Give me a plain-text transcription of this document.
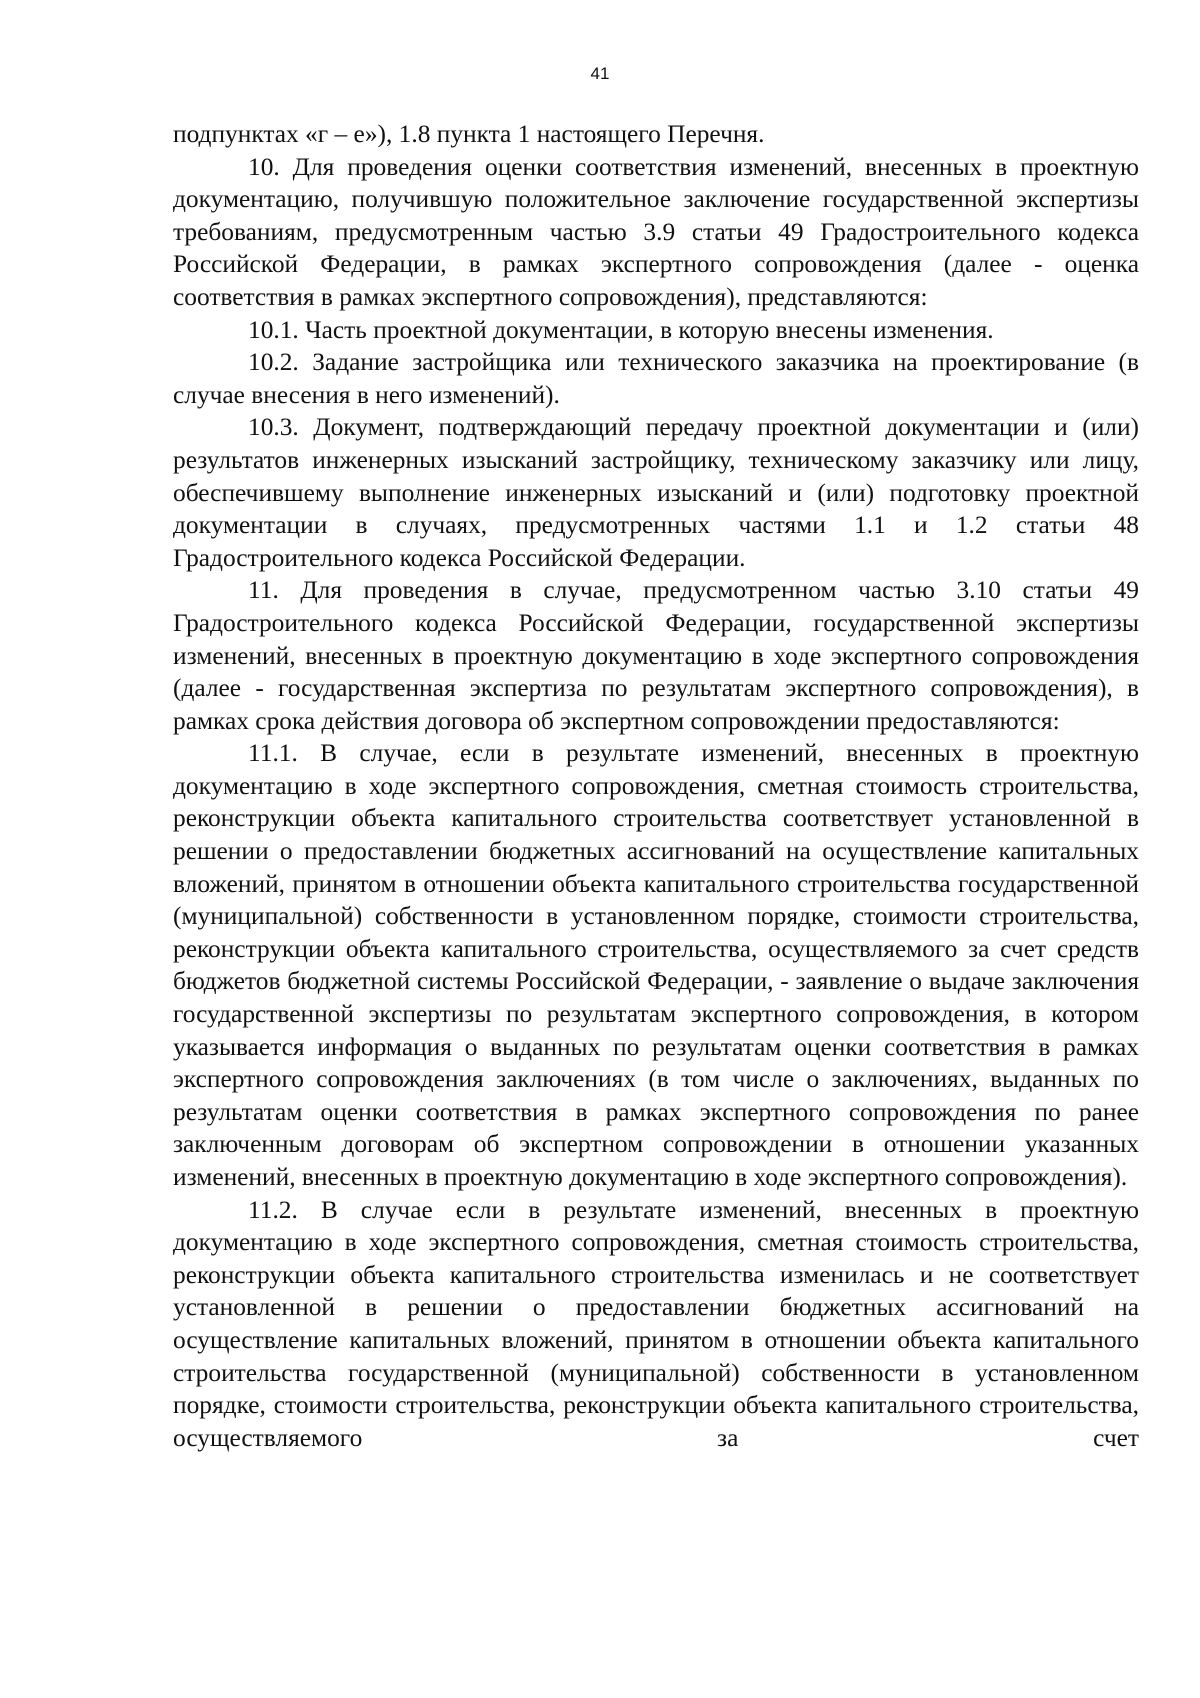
41

подпунктах «г – е»), 1.8 пункта 1 настоящего Перечня.

10. Для проведения оценки соответствия изменений, внесенных в проектную документацию, получившую положительное заключение государственной экспертизы требованиям, предусмотренным частью 3.9 статьи 49 Градостроительного кодекса Российской Федерации, в рамках экспертного сопровождения (далее - оценка соответствия в рамках экспертного сопровождения), представляются:

10.1. Часть проектной документации, в которую внесены изменения.

10.2. Задание застройщика или технического заказчика на проектирование (в случае внесения в него изменений).

10.3. Документ, подтверждающий передачу проектной документации и (или) результатов инженерных изысканий застройщику, техническому заказчику или лицу, обеспечившему выполнение инженерных изысканий и (или) подготовку проектной документации в случаях, предусмотренных частями 1.1 и 1.2 статьи 48 Градостроительного кодекса Российской Федерации.

11. Для проведения в случае, предусмотренном частью 3.10 статьи 49 Градостроительного кодекса Российской Федерации, государственной экспертизы изменений, внесенных в проектную документацию в ходе экспертного сопровождения (далее - государственная экспертиза по результатам экспертного сопровождения), в рамках срока действия договора об экспертном сопровождении предоставляются:

11.1. В случае, если в результате изменений, внесенных в проектную документацию в ходе экспертного сопровождения, сметная стоимость строительства, реконструкции объекта капитального строительства соответствует установленной в решении о предоставлении бюджетных ассигнований на осуществление капитальных вложений, принятом в отношении объекта капитального строительства государственной (муниципальной) собственности в установленном порядке, стоимости строительства, реконструкции объекта капитального строительства, осуществляемого за счет средств бюджетов бюджетной системы Российской Федерации, - заявление о выдаче заключения государственной экспертизы по результатам экспертного сопровождения, в котором указывается информация о выданных по результатам оценки соответствия в рамках экспертного сопровождения заключениях (в том числе о заключениях, выданных по результатам оценки соответствия в рамках экспертного сопровождения по ранее заключенным договорам об экспертном сопровождении в отношении указанных изменений, внесенных в проектную документацию в ходе экспертного сопровождения).

11.2. В случае если в результате изменений, внесенных в проектную документацию в ходе экспертного сопровождения, сметная стоимость строительства, реконструкции объекта капитального строительства изменилась и не соответствует установленной в решении о предоставлении бюджетных ассигнований на осуществление капитальных вложений, принятом в отношении объекта капитального строительства государственной (муниципальной) собственности в установленном порядке, стоимости строительства, реконструкции объекта капитального строительства, осуществляемого за счет
